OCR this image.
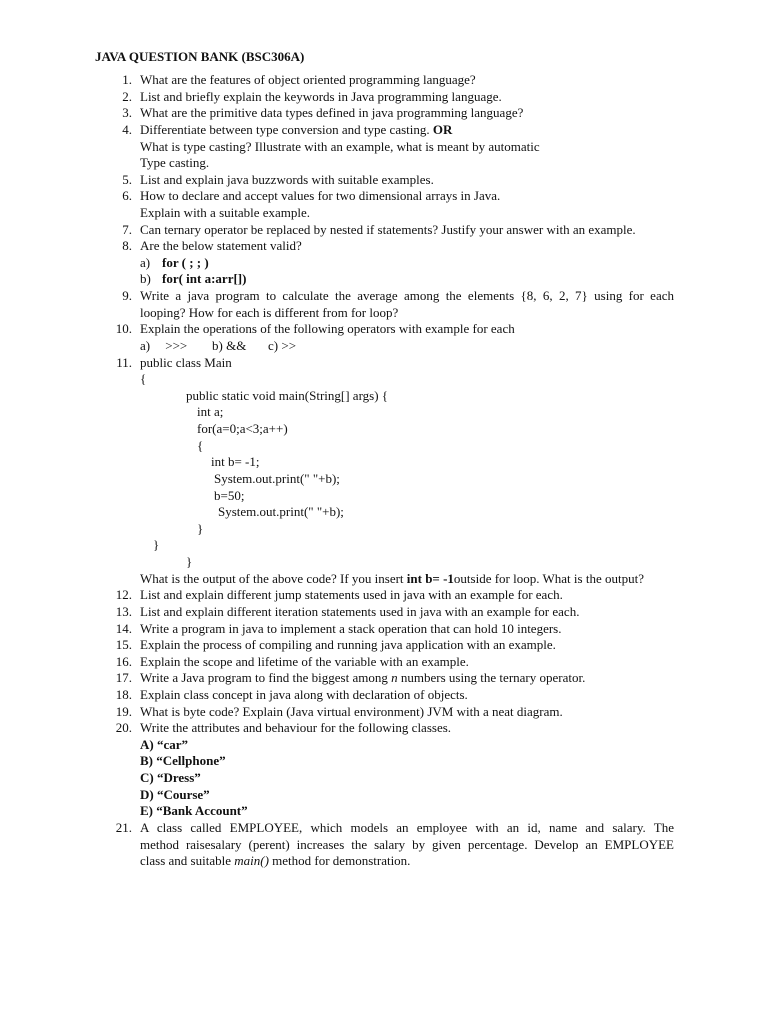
JAVA QUESTION BANK (BSC306A)
1. What are the features of object oriented programming language?
2. List and briefly explain the keywords in Java programming language.
3. What are the primitive data types defined in java programming language?
4. Differentiate between type conversion and type casting. OR
What is type casting? Illustrate with an example, what is meant by automatic
Type casting.
5. List and explain java buzzwords with suitable examples.
6. How to declare and accept values for two dimensional arrays in Java.
Explain with a suitable example.
7. Can ternary operator be replaced by nested if statements? Justify your answer with an example.
8. Are the below statement valid?
a) for ( ; ; )
b) for( int a:arr[])
9. Write a java program to calculate the average among the elements {8, 6, 2, 7} using for each
looping? How for each is different from for loop?
10. Explain the operations of the following operators with example for each
a) >>> b) && c) >>
11. public class Main
{
public static void main(String[] args) {
int a;
for(a=0;a<3;a++)
{
int b= -1;
System.out.print(" "+b);
b=50;
System.out.print(" "+b);
}
}
}
What is the output of the above code? If you insert int b= -1outside for loop. What is the output?
12. List and explain different jump statements used in java with an example for each.
13. List and explain different iteration statements used in java with an example for each.
14. Write a program in java to implement a stack operation that can hold 10 integers.
15. Explain the process of compiling and running java application with an example.
16. Explain the scope and lifetime of the variable with an example.
17. Write a Java program to find the biggest among n numbers using the ternary operator.
18. Explain class concept in java along with declaration of objects.
19. What is byte code? Explain (Java virtual environment) JVM with a neat diagram.
20. Write the attributes and behaviour for the following classes.
A) “car”
B) “Cellphone”
C) “Dress”
D) “Course”
E) “Bank Account”
21. A class called EMPLOYEE, which models an employee with an id, name and salary. The
method raisesalary (perent) increases the salary by given percentage. Develop an EMPLOYEE
class and suitable main() method for demonstration.
